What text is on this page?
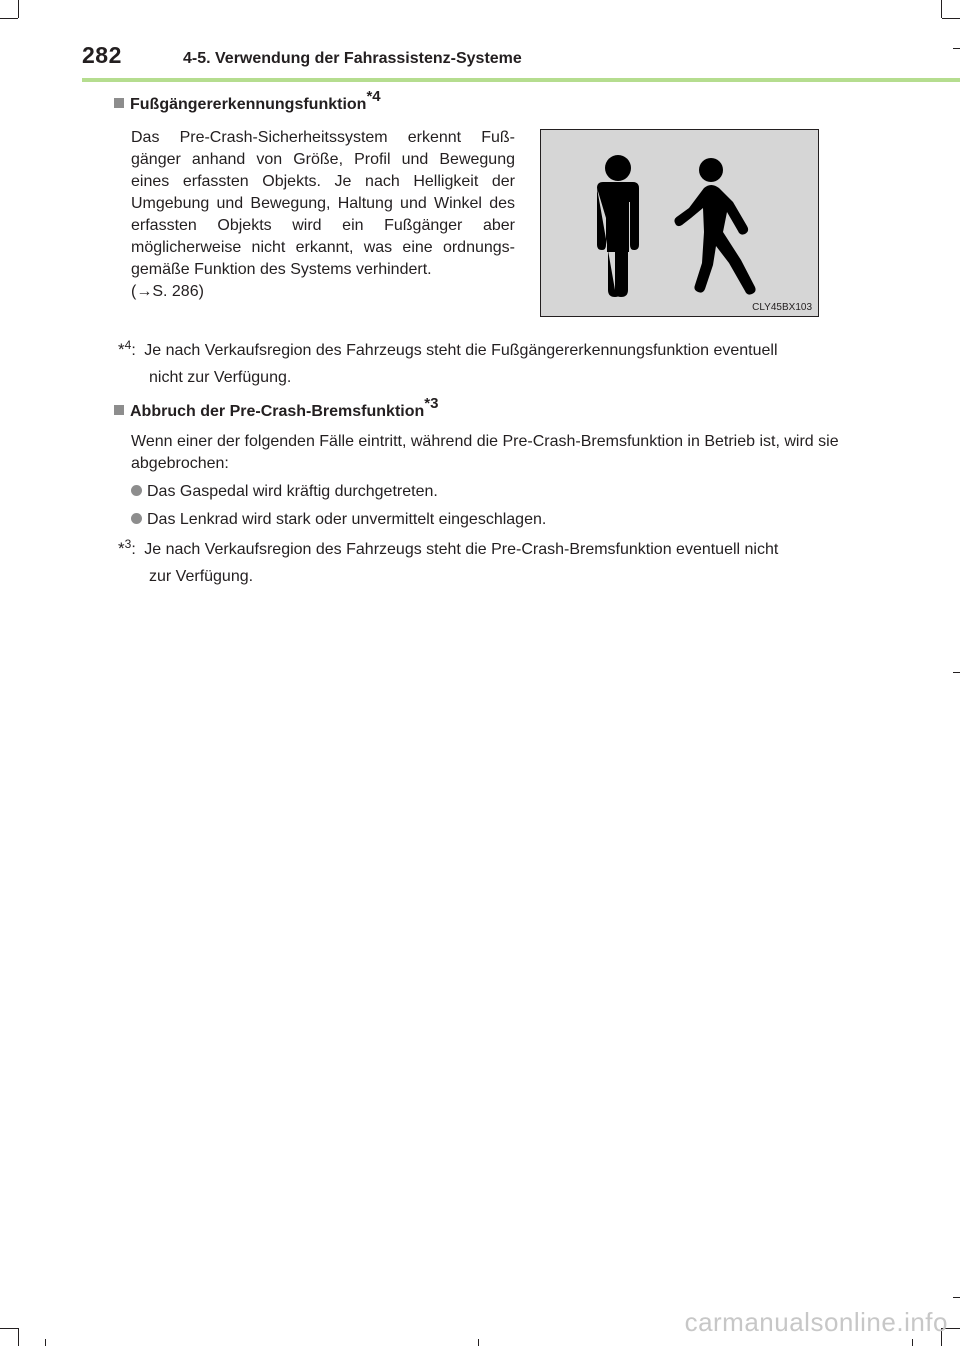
282	4-5. Verwendung der Fahrassistenz-Systeme
Fußgängererkennungsfunktion$^{*4}$
Das Pre-Crash-Sicherheitssystem erkennt Fuß-gänger anhand von Größe, Profil und Bewegung eines erfassten Objekts. Je nach Helligkeit der Umgebung und Bewegung, Haltung und Winkel des erfassten Objekts wird ein Fußgänger aber möglicherweise nicht erkannt, was eine ordnungs-gemäße Funktion des Systems verhindert.
(→S. 286)
CLY45BX103
*$^4$: Je nach Verkaufsregion des Fahrzeugs steht die Fußgängererkennungsfunktion eventuell
nicht zur Verfügung.
Abbruch der Pre-Crash-Bremsfunktion$^{*3}$
Wenn einer der folgenden Fälle eintritt, während die Pre-Crash-Bremsfunktion in Betrieb ist, wird sie abgebrochen:
Das Gaspedal wird kräftig durchgetreten.
Das Lenkrad wird stark oder unvermittelt eingeschlagen.
*$^3$: Je nach Verkaufsregion des Fahrzeugs steht die Pre-Crash-Bremsfunktion eventuell nicht
zur Verfügung.
carmanualsonline.info
